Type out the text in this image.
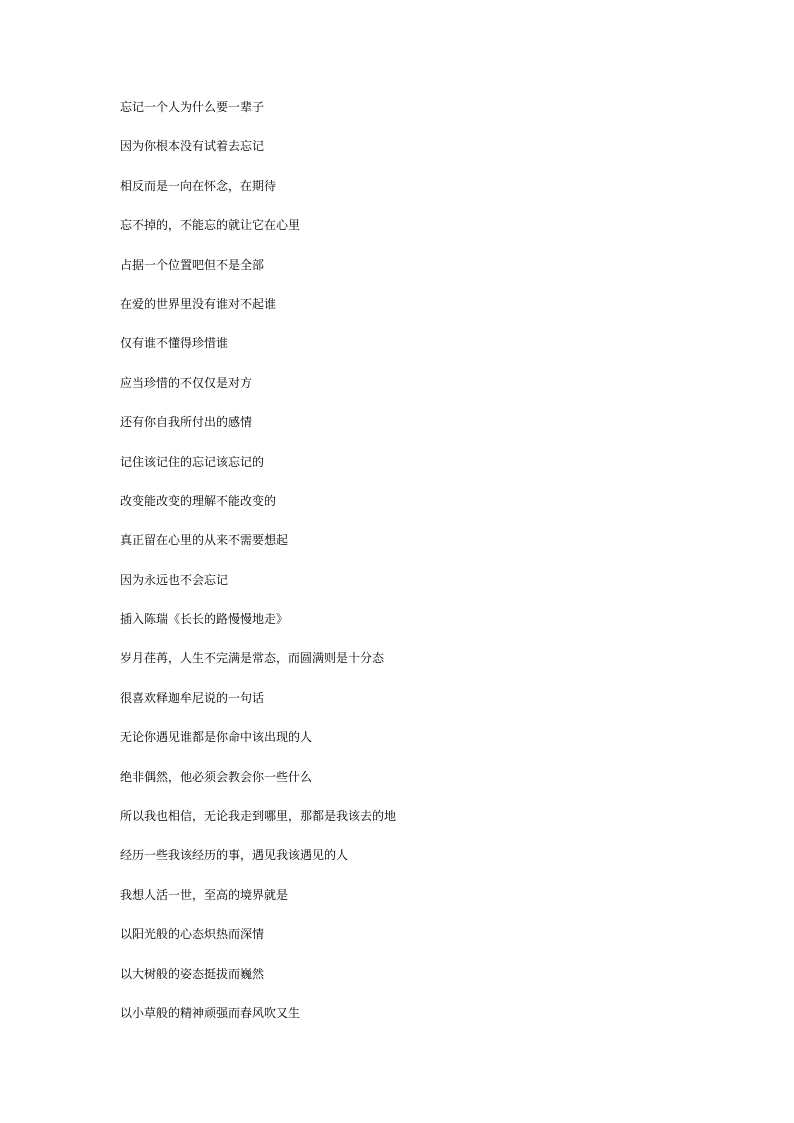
忘记一个人为什么要一辈子
因为你根本没有试着去忘记
相反而是一向在怀念，在期待
忘不掉的，不能忘的就让它在心里
占据一个位置吧但不是全部
在爱的世界里没有谁对不起谁
仅有谁不懂得珍惜谁
应当珍惜的不仅仅是对方
还有你自我所付出的感情
记住该记住的忘记该忘记的
改变能改变的理解不能改变的
真正留在心里的从来不需要想起
因为永远也不会忘记
插入陈瑞《长长的路慢慢地走》
岁月荏苒，人生不完满是常态，而圆满则是十分态
很喜欢释迦牟尼说的一句话
无论你遇见谁都是你命中该出现的人
绝非偶然，他必须会教会你一些什么
所以我也相信，无论我走到哪里，那都是我该去的地
经历一些我该经历的事，遇见我该遇见的人
我想人活一世，至高的境界就是
以阳光般的心态炽热而深情
以大树般的姿态挺拔而巍然
以小草般的精神顽强而春风吹又生
